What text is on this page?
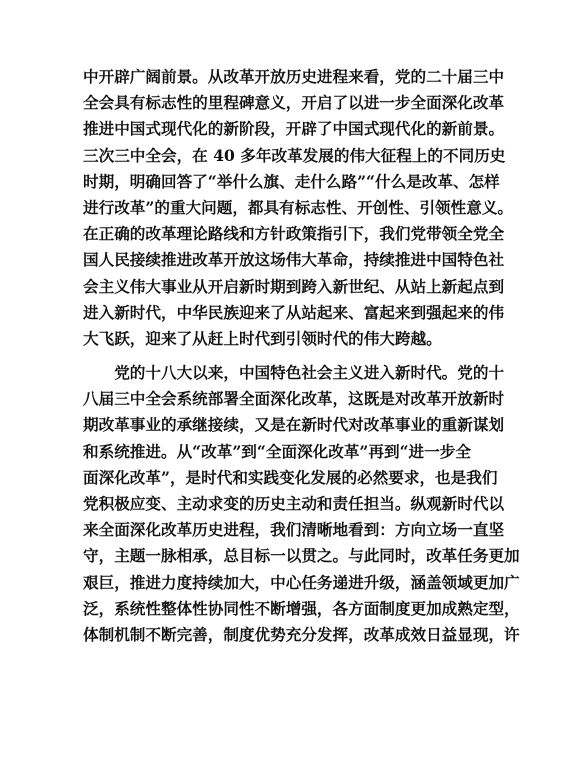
中开辟广阔前景。从改革开放历史进程来看，党的二十届三中
全会具有标志性的里程碑意义，开启了以进一步全面深化改革
推进中国式现代化的新阶段，开辟了中国式现代化的新前景。
三次三中全会，在 40 多年改革发展的伟大征程上的不同历史
时期，明确回答了“举什么旗、走什么路”“什么是改革、怎样
进行改革”的重大问题，都具有标志性、开创性、引领性意义。
在正确的改革理论路线和方针政策指引下，我们党带领全党全
国人民接续推进改革开放这场伟大革命，持续推进中国特色社
会主义伟大事业从开启新时期到跨入新世纪、从站上新起点到
进入新时代，中华民族迎来了从站起来、富起来到强起来的伟
大飞跃，迎来了从赶上时代到引领时代的伟大跨越。
　　党的十八大以来，中国特色社会主义进入新时代。党的十
八届三中全会系统部署全面深化改革，这既是对改革开放新时
期改革事业的承继接续，又是在新时代对改革事业的重新谋划
和系统推进。从“改革”到“全面深化改革”再到“进一步全
面深化改革”，是时代和实践变化发展的必然要求，也是我们
党积极应变、主动求变的历史主动和责任担当。纵观新时代以
来全面深化改革历史进程，我们清晰地看到：方向立场一直坚
守，主题一脉相承，总目标一以贯之。与此同时，改革任务更加
艰巨，推进力度持续加大，中心任务递进升级，涵盖领域更加广
泛，系统性整体性协同性不断增强，各方面制度更加成熟定型，
体制机制不断完善，制度优势充分发挥，改革成效日益显现，许
